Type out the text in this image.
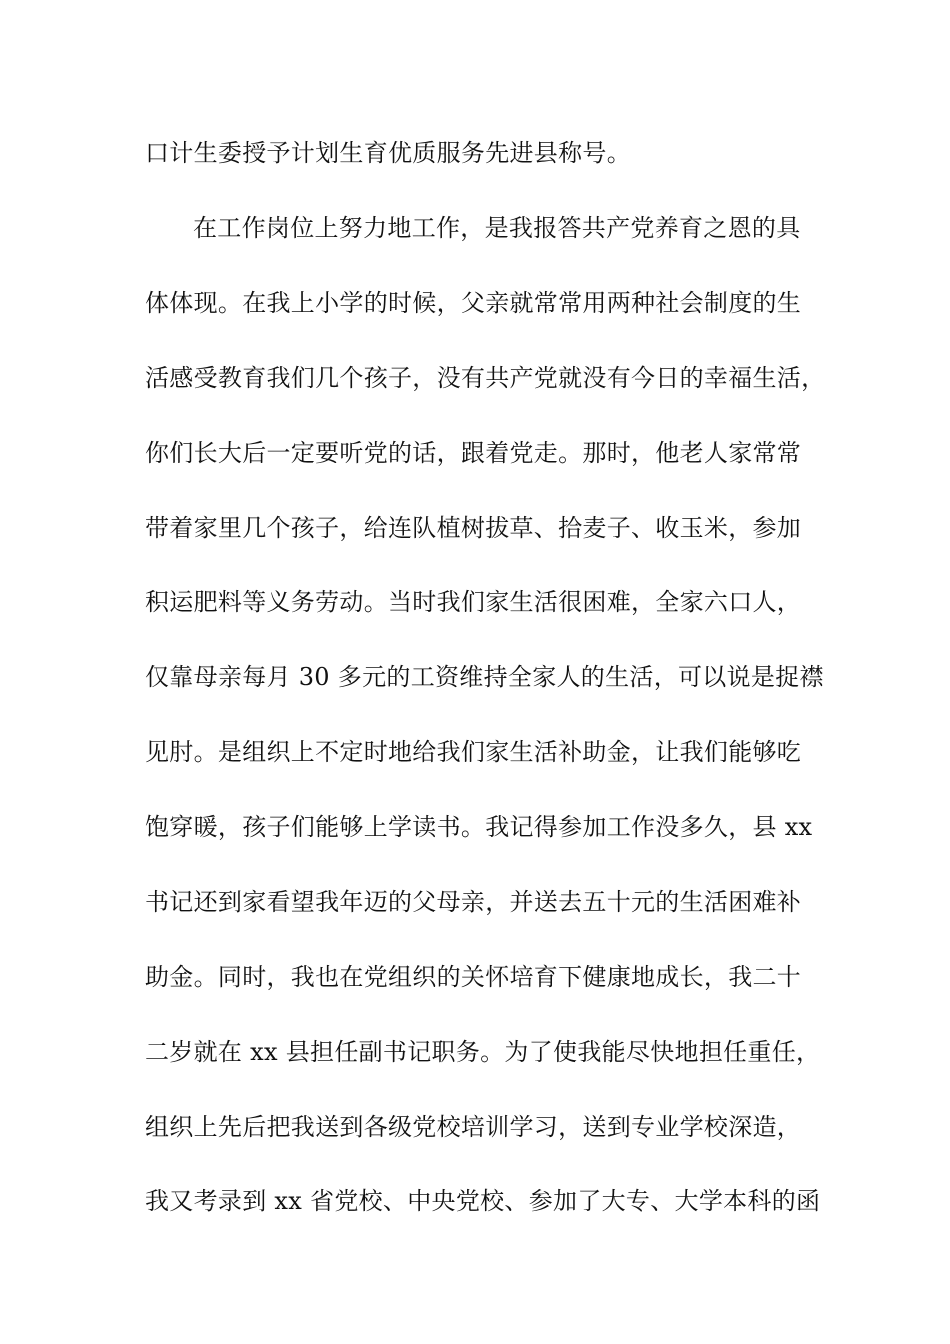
口计生委授予计划生育优质服务先进县称号。
在工作岗位上努力地工作，是我报答共产党养育之恩的具
体体现。在我上小学的时候，父亲就常常用两种社会制度的生
活感受教育我们几个孩子，没有共产党就没有今日的幸福生活，
你们长大后一定要听党的话，跟着党走。那时，他老人家常常
带着家里几个孩子，给连队植树拔草、拾麦子、收玉米，参加
积运肥料等义务劳动。当时我们家生活很困难，全家六口人，
仅靠母亲每月 30 多元的工资维持全家人的生活，可以说是捉襟
见肘。是组织上不定时地给我们家生活补助金，让我们能够吃
饱穿暖，孩子们能够上学读书。我记得参加工作没多久，县 xx
书记还到家看望我年迈的父母亲，并送去五十元的生活困难补
助金。同时，我也在党组织的关怀培育下健康地成长，我二十
二岁就在 xx 县担任副书记职务。为了使我能尽快地担任重任，
组织上先后把我送到各级党校培训学习，送到专业学校深造，
我又考录到 xx 省党校、中央党校、参加了大专、大学本科的函
